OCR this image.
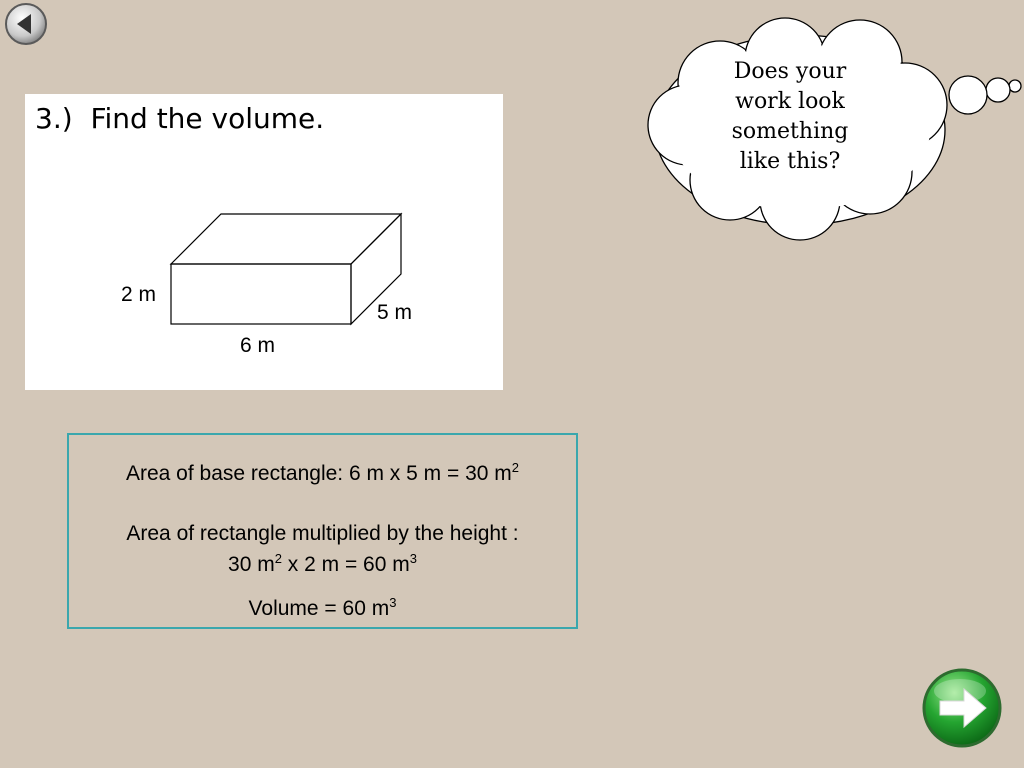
3.)  Find the volume.
2 m
5 m
6 m
Area of base rectangle: 6 m x 5 m = 30 $m^2$
Area of rectangle multiplied by the height :
30 $m^2$ x 2 m = 60 $m^3$
Volume = 60 $m^3$
Does your
work look
something
like this?
